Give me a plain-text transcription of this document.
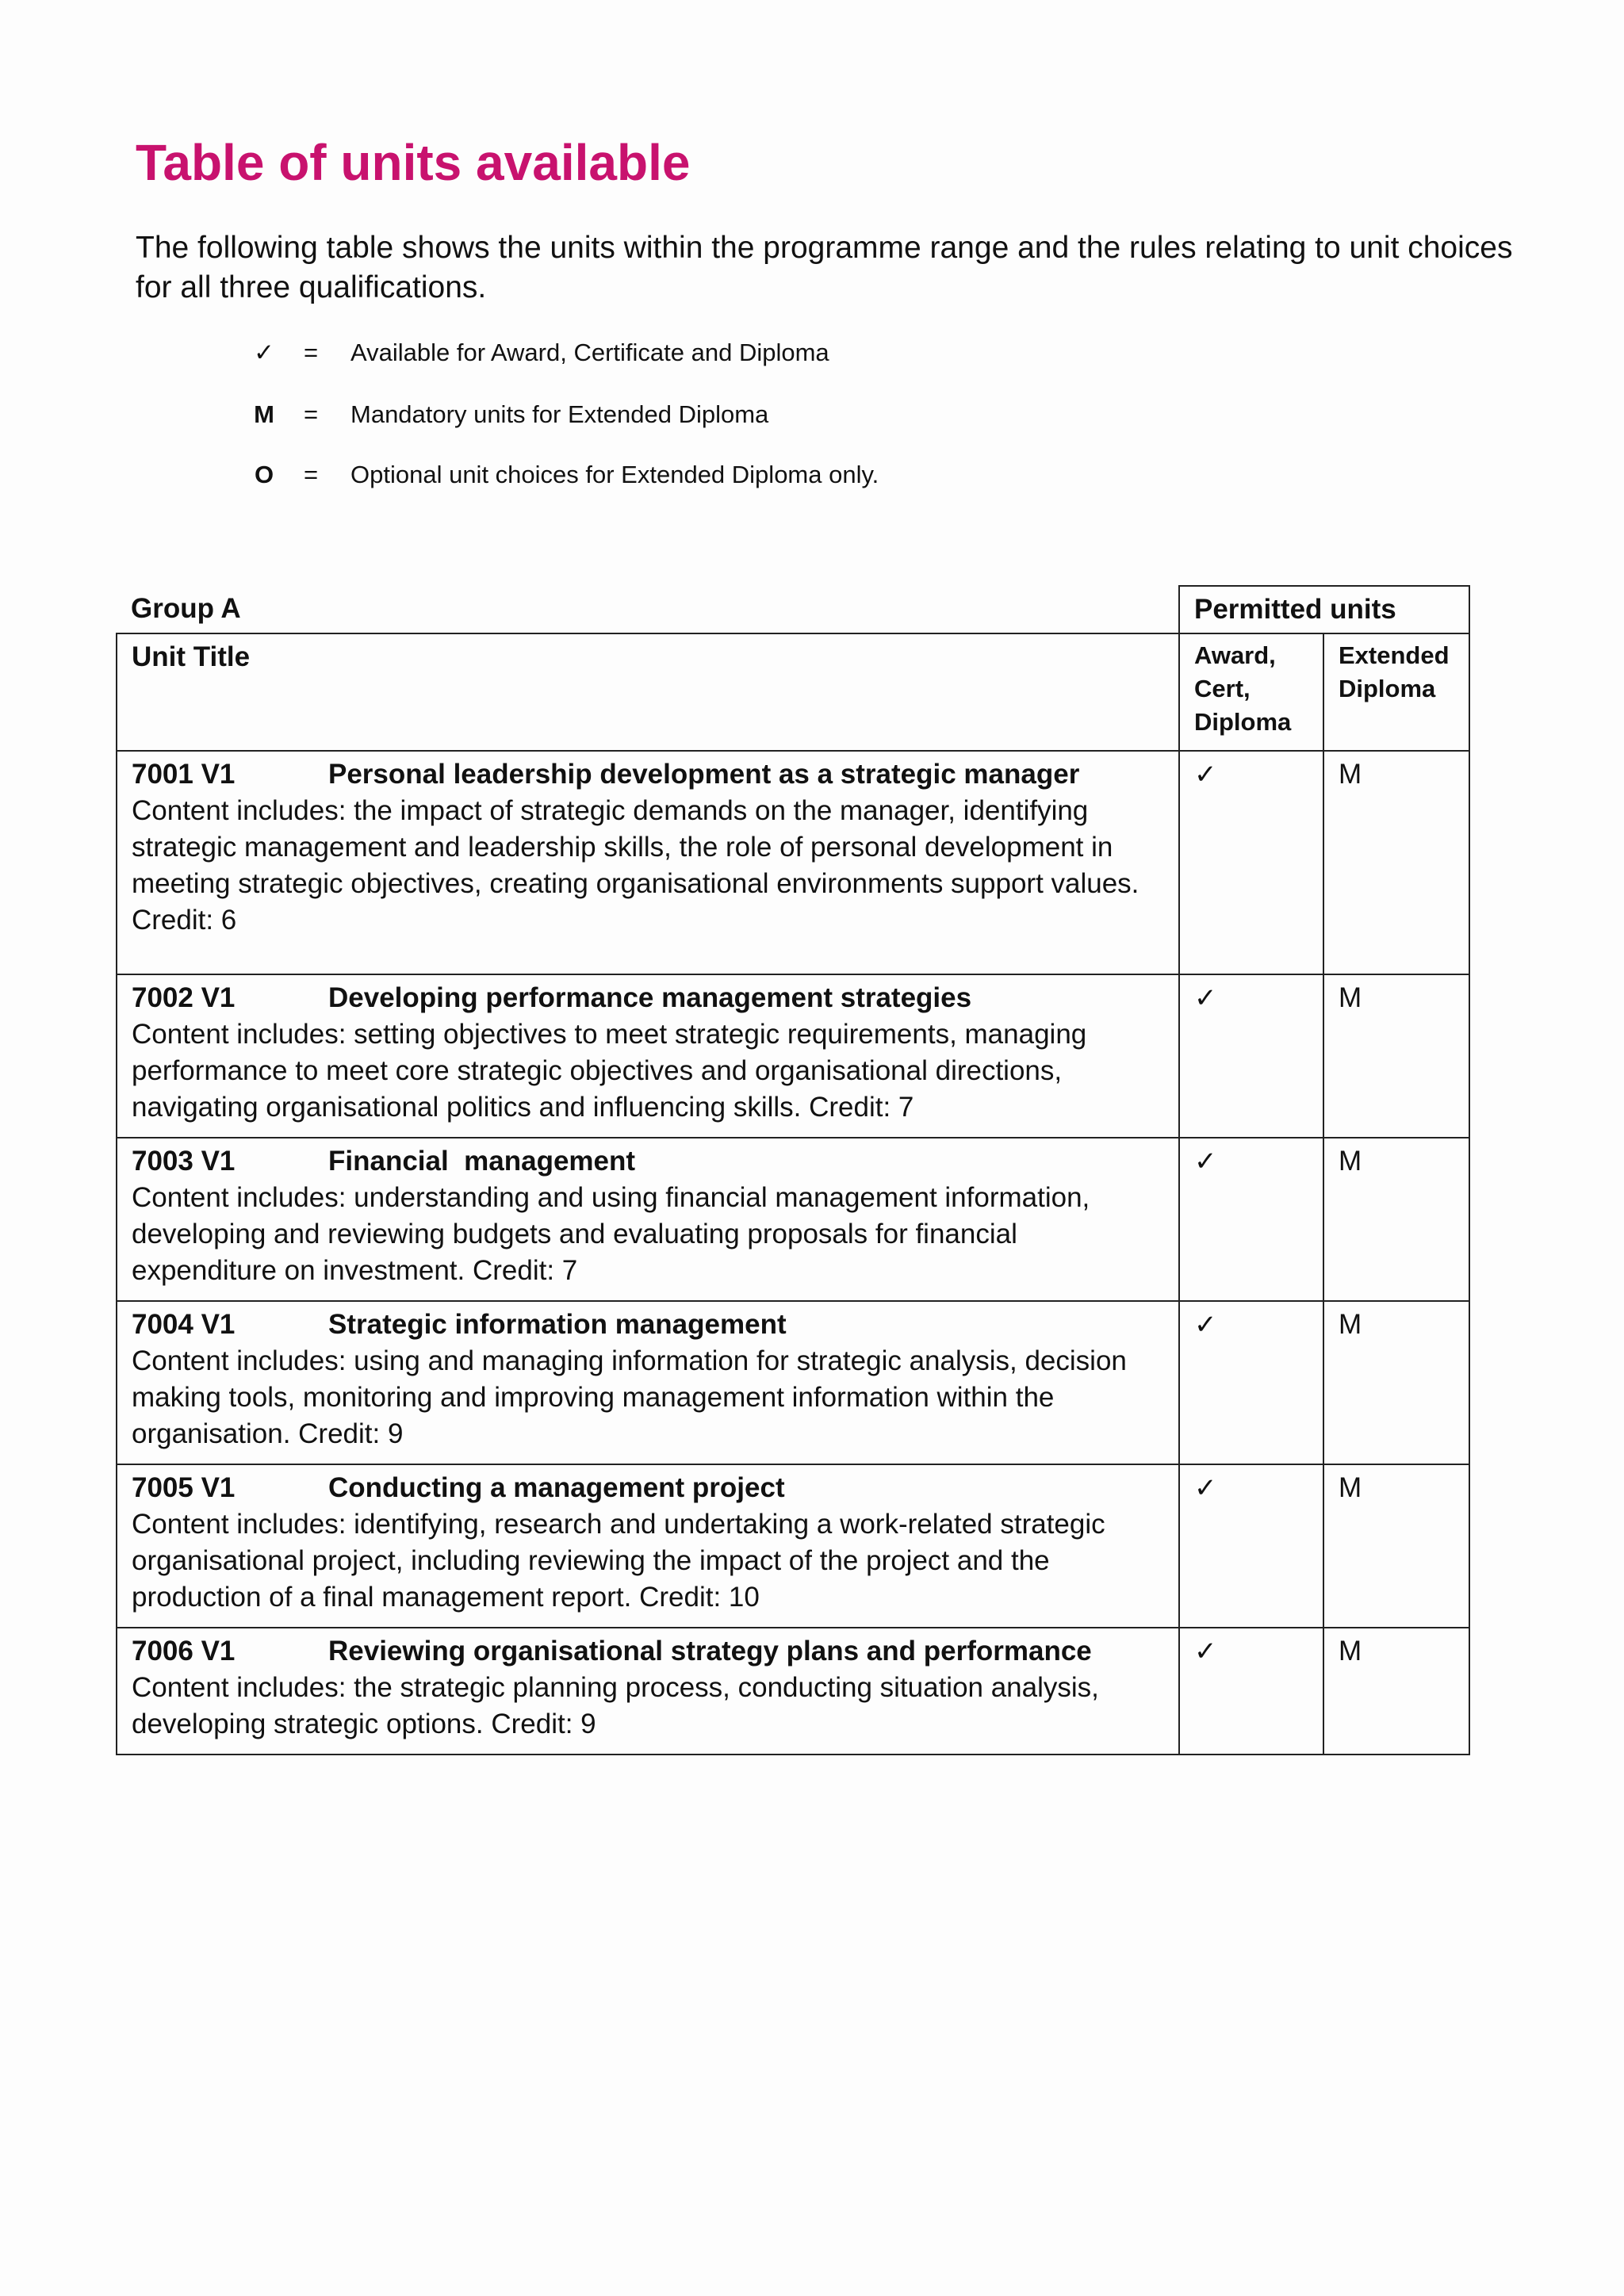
Table of units available

The following table shows the units within the programme range and the rules relating to unit choices for all three qualifications.

✓	=	Available for Award, Certificate and Diploma
M	=	Mandatory units for Extended Diploma
O	=	Optional unit choices for Extended Diploma only.
Group A	Permitted units	
Unit Title	Award, Cert, Diploma	Extended Diploma

7001 V1 Personal leadership development as a strategic manager
Content includes: the impact of strategic demands on the manager, identifying strategic management and leadership skills, the role of personal development in meeting strategic objectives, creating organisational environments support values. Credit: 6	✓	M

7002 V1 Developing performance management strategies
Content includes: setting objectives to meet strategic requirements, managing performance to meet core strategic objectives and organisational directions, navigating organisational politics and influencing skills. Credit: 7	✓	M

7003 V1 Financial  management
Content includes: understanding and using financial management information, developing and reviewing budgets and evaluating proposals for financial expenditure on investment. Credit: 7	✓	M

7004 V1 Strategic information management
Content includes: using and managing information for strategic analysis, decision making tools, monitoring and improving management information within the organisation. Credit: 9	✓	M

7005 V1 Conducting a management project
Content includes: identifying, research and undertaking a work-related strategic organisational project, including reviewing the impact of the project and the production of a final management report. Credit: 10	✓	M

7006 V1 Reviewing organisational strategy plans and performance
Content includes: the strategic planning process, conducting situation analysis, developing strategic options. Credit: 9	✓	M
